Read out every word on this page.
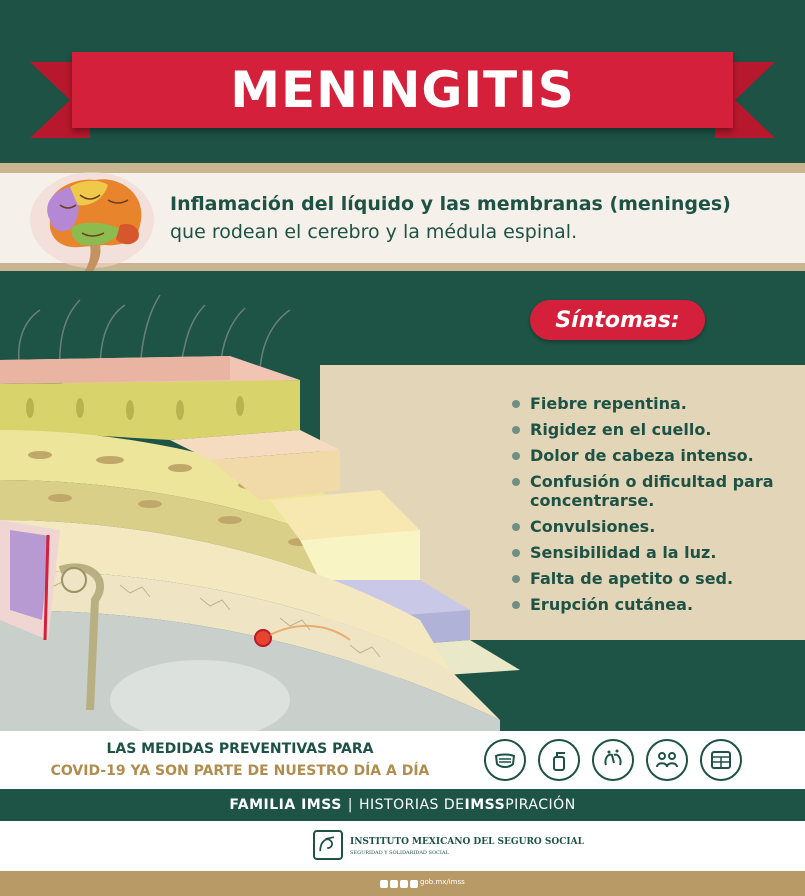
MENINGITIS
Inflamación del líquido y las membranas (meninges)
que rodean el cerebro y la médula espinal.
Síntomas:
Fiebre repentina.
Rigidez en el cuello.
Dolor de cabeza intenso.
Confusión o dificultad para concentrarse.
Convulsiones.
Sensibilidad a la luz.
Falta de apetito o sed.
Erupción cutánea.
LAS MEDIDAS PREVENTIVAS PARA
COVID-19 YA SON PARTE DE NUESTRO DÍA A DÍA
FAMILIA IMSS | HISTORIAS DE IMSS PIRACIÓN
INSTITUTO MEXICANO DEL SEGURO SOCIAL
SEGURIDAD Y SOLIDARIDAD SOCIAL
gob.mx/imss
